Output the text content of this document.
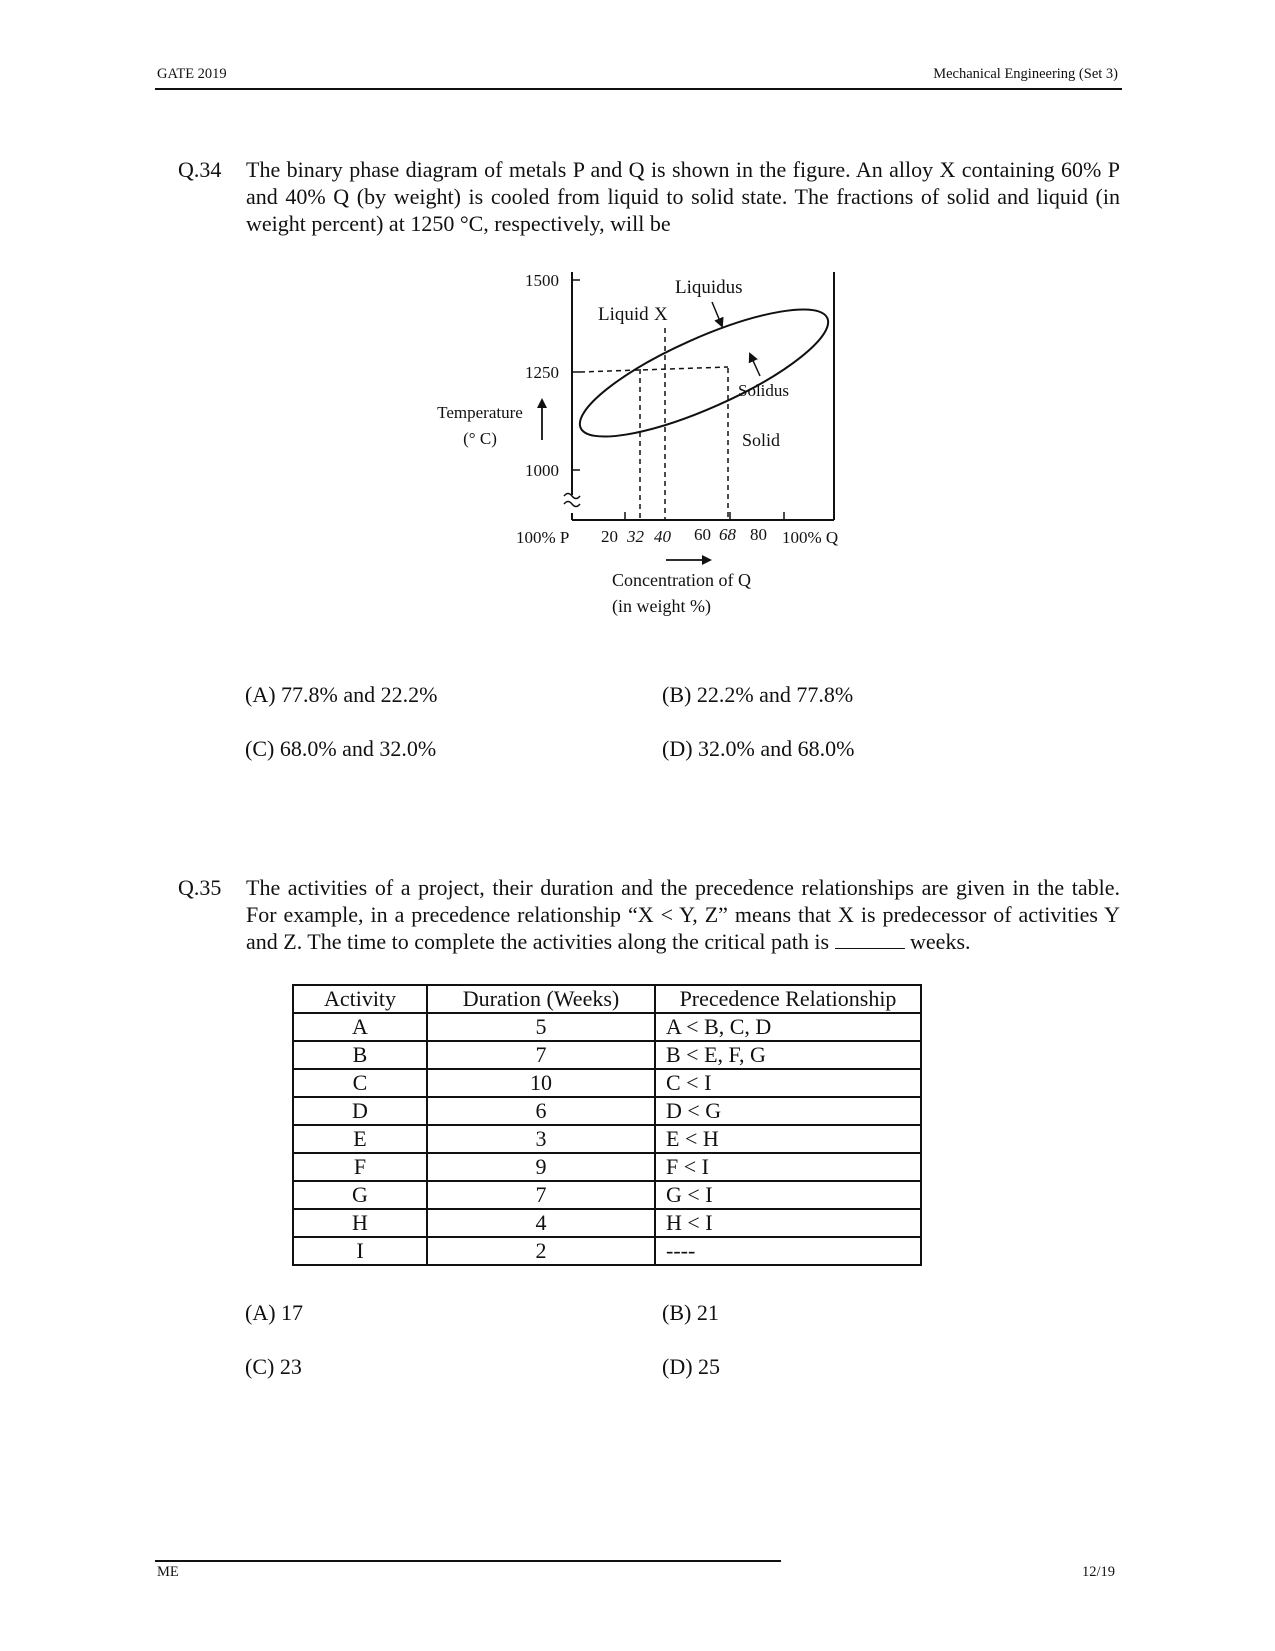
GATE 2019	Mechanical Engineering (Set 3)
Q.34 The binary phase diagram of metals P and Q is shown in the figure. An alloy X containing 60% P and 40% Q (by weight) is cooled from liquid to solid state. The fractions of solid and liquid (in weight percent) at 1250 °C, respectively, will be
1500
1250
1000
Liquid X
Liquidus
Solidus
Solid
Temperature
(° C)
100% P 20 32 40 60 68 80 100% Q
Concentration of Q
(in weight %)
(A) 77.8% and 22.2%	(B) 22.2% and 77.8%
(C) 68.0% and 32.0%	(D) 32.0% and 68.0%
Q.35 The activities of a project, their duration and the precedence relationships are given in the table. For example, in a precedence relationship “X < Y, Z” means that X is predecessor of activities Y and Z. The time to complete the activities along the critical path is	weeks.
Activity	Duration (Weeks)	Precedence Relationship
A	5	A < B, C, D
B	7	B < E, F, G
C	10	C < I
D	6	D < G
E	3	E < H
F	9	F < I
G	7	G < I
H	4	H < I
I	2	----
(A) 17	(B) 21
(C) 23	(D) 25
ME	12/19
